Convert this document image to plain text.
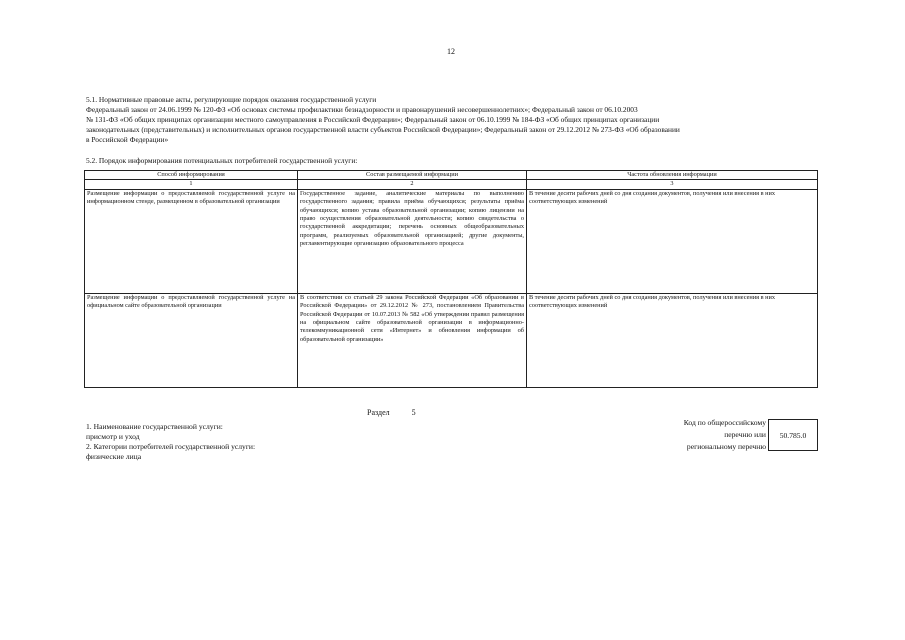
12
5.1. Нормативные правовые акты, регулирующие порядок оказания государственной услуги
Федеральный закон от 24.06.1999 № 120-ФЗ «Об основах системы профилактики безнадзорности и правонарушений несовершеннолетних»; Федеральный закон от 06.10.2003
№ 131-ФЗ «Об общих принципах организации местного самоуправления в Российской Федерации»; Федеральный закон от 06.10.1999 № 184-ФЗ «Об общих принципах организации
законодательных (представительных) и исполнительных органов государственной власти субъектов Российской Федерации»; Федеральный закон от 29.12.2012 № 273-ФЗ «Об образовании
в Российской Федерации»
5.2. Порядок информирования потенциальных потребителей государственной услуги:
Способ информирования	Состав размещаемой информации	Частота обновления информации
1	2	3
Размещение информации о предоставляемой государственной услуге на информационном стенде, размещенном в образовательной организации	Государственное задание, аналитические материалы по выполнению государственного задания; правила приёма обучающихся; результаты приёма обучающихся; копию устава образовательной организации; копию лицензии на право осуществления образовательной деятельности; копию свидетельства о государственной аккредитации; перечень основных общеобразовательных программ, реализуемых образовательной организацией; другие документы, регламентирующие организацию образовательного процесса	В течение десяти рабочих дней со дня создания документов, получения или внесения в них соответствующих изменений
Размещение информации о предоставляемой государственной услуге на официальном сайте образовательной организации	В соответствии со статьей 29 закона Российской Федерации «Об образовании в Российской Федерации» от 29.12.2012 № 273, постановлением Правительства Российской Федерации от 10.07.2013 № 582 «Об утверждении правил размещения на официальном сайте образовательной организации в информационно-телекоммуникационной сети «Интернет» и обновления информации об образовательной организации»	В течение десяти рабочих дней со дня создания документов, получения или внесения в них соответствующих изменений
Раздел	5
1. Наименование государственной услуги:
присмотр и уход
2. Категории потребителей государственной услуги:
физические лица
Код по общероссийскому
перечню или
региональному перечню
50.785.0
